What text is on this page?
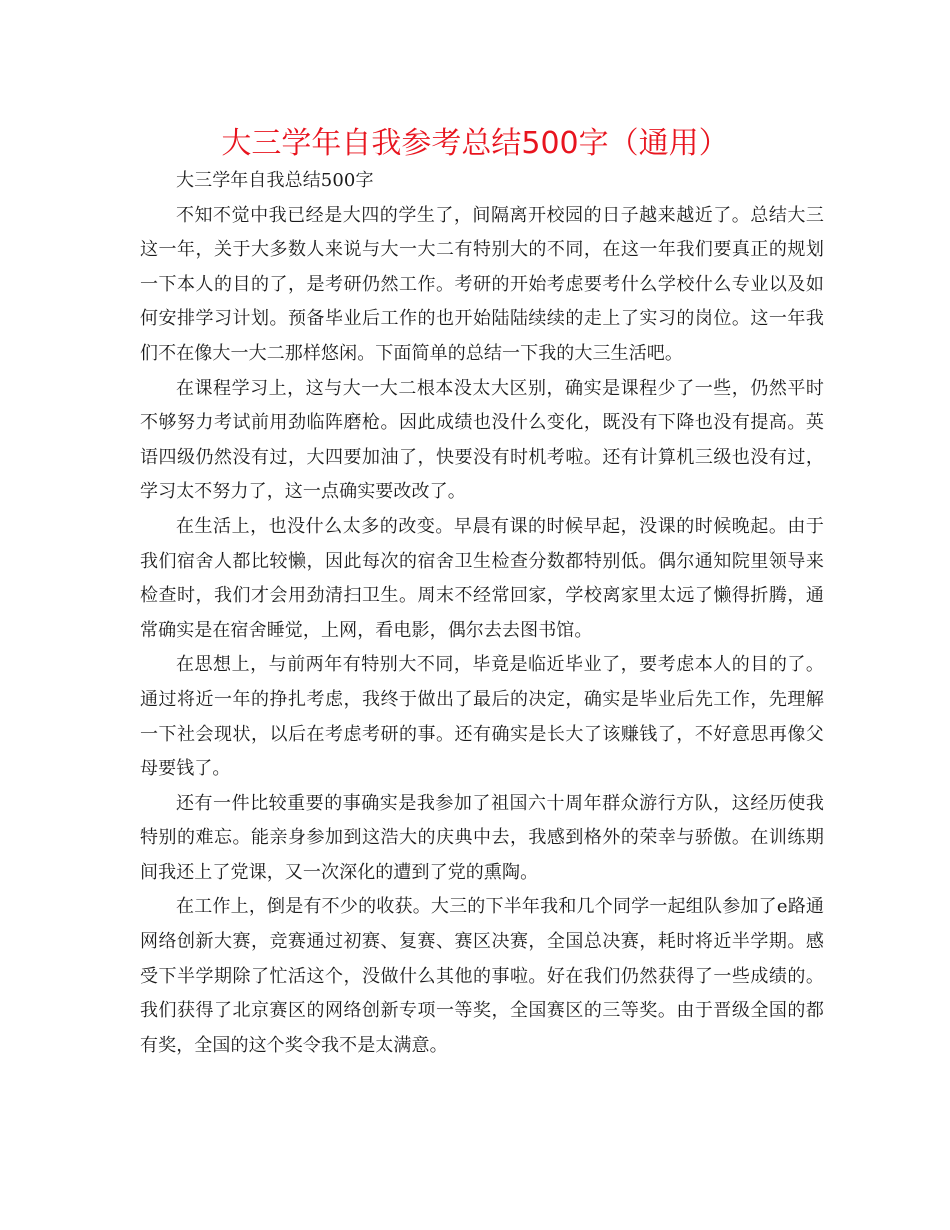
大三学年自我参考总结500字（通用）

大三学年自我总结500字

不知不觉中我已经是大四的学生了，间隔离开校园的日子越来越近了。总结大三这一年，关于大多数人来说与大一大二有特别大的不同，在这一年我们要真正的规划一下本人的目的了，是考研仍然工作。考研的开始考虑要考什么学校什么专业以及如何安排学习计划。预备毕业后工作的也开始陆陆续续的走上了实习的岗位。这一年我们不在像大一大二那样悠闲。下面简单的总结一下我的大三生活吧。

在课程学习上，这与大一大二根本没太大区别，确实是课程少了一些，仍然平时不够努力考试前用劲临阵磨枪。因此成绩也没什么变化，既没有下降也没有提高。英语四级仍然没有过，大四要加油了，快要没有时机考啦。还有计算机三级也没有过，学习太不努力了，这一点确实要改改了。

在生活上，也没什么太多的改变。早晨有课的时候早起，没课的时候晚起。由于我们宿舍人都比较懒，因此每次的宿舍卫生检查分数都特别低。偶尔通知院里领导来检查时，我们才会用劲清扫卫生。周末不经常回家，学校离家里太远了懒得折腾，通常确实是在宿舍睡觉，上网，看电影，偶尔去去图书馆。

在思想上，与前两年有特别大不同，毕竟是临近毕业了，要考虑本人的目的了。通过将近一年的挣扎考虑，我终于做出了最后的决定，确实是毕业后先工作，先理解一下社会现状，以后在考虑考研的事。还有确实是长大了该赚钱了，不好意思再像父母要钱了。

还有一件比较重要的事确实是我参加了祖国六十周年群众游行方队，这经历使我特别的难忘。能亲身参加到这浩大的庆典中去，我感到格外的荣幸与骄傲。在训练期间我还上了党课，又一次深化的遭到了党的熏陶。

在工作上，倒是有不少的收获。大三的下半年我和几个同学一起组队参加了e路通网络创新大赛，竞赛通过初赛、复赛、赛区决赛，全国总决赛，耗时将近半学期。感受下半学期除了忙活这个，没做什么其他的事啦。好在我们仍然获得了一些成绩的。我们获得了北京赛区的网络创新专项一等奖，全国赛区的三等奖。由于晋级全国的都有奖，全国的这个奖令我不是太满意。
